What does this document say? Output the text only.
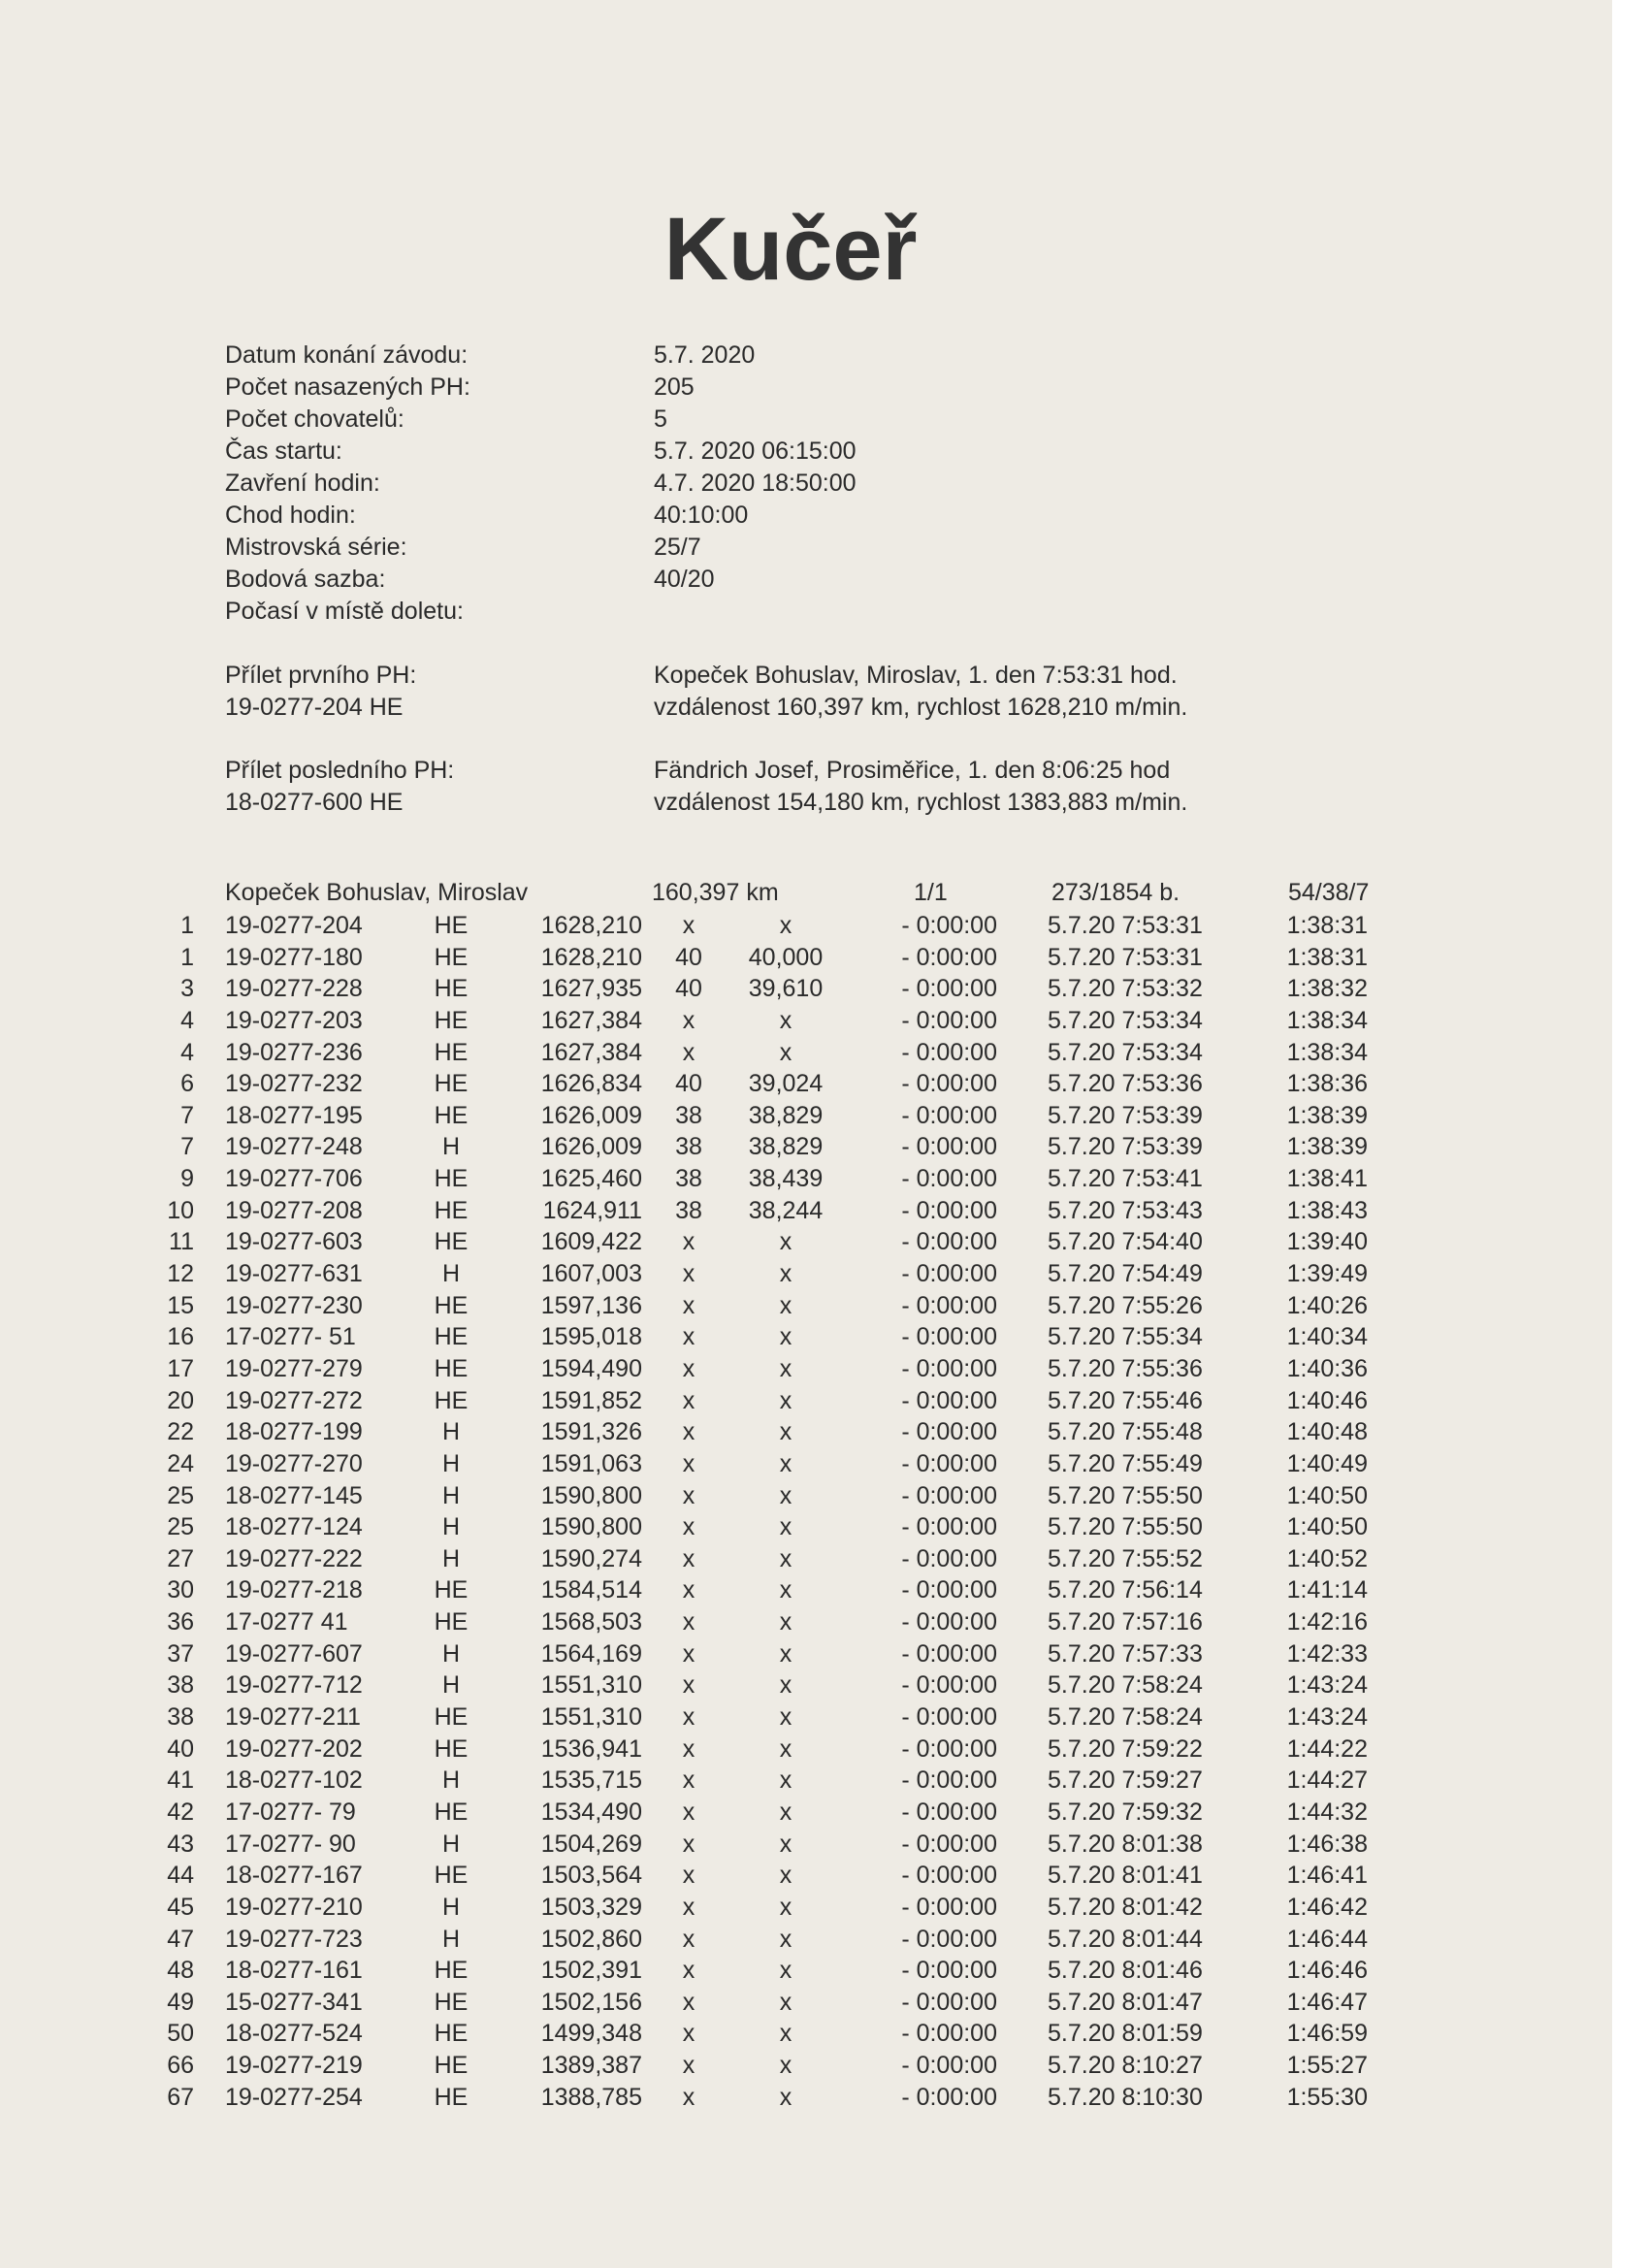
Kučeř
Datum konání závodu:	5.7. 2020
Počet nasazených PH:	205
Počet chovatelů:	5
Čas startu:	5.7. 2020 06:15:00
Zavření hodin:	4.7. 2020 18:50:00
Chod hodin:	40:10:00
Mistrovská série:	25/7
Bodová sazba:	40/20
Počasí v místě doletu:
Přílet prvního PH:
19-0277-204 HE
Kopeček Bohuslav, Miroslav, 1. den 7:53:31 hod.
vzdálenost 160,397 km, rychlost 1628,210 m/min.
Přílet posledního PH:
18-0277-600 HE
Fändrich Josef, Prosiměřice, 1. den 8:06:25 hod
vzdálenost 154,180 km, rychlost 1383,883 m/min.
Kopeček Bohuslav, Miroslav	160,397 km	1/1	273/1854 b.	54/38/7
1 19-0277-204	HE	1628,210	x	x	- 0:00:00 5.7.20 7:53:31	1:38:31
1 19-0277-180	HE	1628,210 40	40,000	- 0:00:00 5.7.20 7:53:31	1:38:31
3 19-0277-228	HE	1627,935 40	39,610	- 0:00:00 5.7.20 7:53:32	1:38:32
4 19-0277-203	HE	1627,384	x	x	- 0:00:00 5.7.20 7:53:34	1:38:34
4 19-0277-236	HE	1627,384	x	x	- 0:00:00 5.7.20 7:53:34	1:38:34
6 19-0277-232	HE	1626,834 40	39,024	- 0:00:00 5.7.20 7:53:36	1:38:36
7 18-0277-195	HE	1626,009 38	38,829	- 0:00:00 5.7.20 7:53:39	1:38:39
7 19-0277-248	H	1626,009 38	38,829	- 0:00:00 5.7.20 7:53:39	1:38:39
9 19-0277-706	HE	1625,460 38	38,439	- 0:00:00 5.7.20 7:53:41	1:38:41
10 19-0277-208	HE	1624,911 38	38,244	- 0:00:00 5.7.20 7:53:43	1:38:43
11 19-0277-603	HE	1609,422	x	x	- 0:00:00 5.7.20 7:54:40	1:39:40
12 19-0277-631	H	1607,003	x	x	- 0:00:00 5.7.20 7:54:49	1:39:49
15 19-0277-230	HE	1597,136	x	x	- 0:00:00 5.7.20 7:55:26	1:40:26
16 17-0277- 51	HE	1595,018	x	x	- 0:00:00 5.7.20 7:55:34	1:40:34
17 19-0277-279	HE	1594,490	x	x	- 0:00:00 5.7.20 7:55:36	1:40:36
20 19-0277-272	HE	1591,852	x	x	- 0:00:00 5.7.20 7:55:46	1:40:46
22 18-0277-199	H	1591,326	x	x	- 0:00:00 5.7.20 7:55:48	1:40:48
24 19-0277-270	H	1591,063	x	x	- 0:00:00 5.7.20 7:55:49	1:40:49
25 18-0277-145	H	1590,800	x	x	- 0:00:00 5.7.20 7:55:50	1:40:50
25 18-0277-124	H	1590,800	x	x	- 0:00:00 5.7.20 7:55:50	1:40:50
27 19-0277-222	H	1590,274	x	x	- 0:00:00 5.7.20 7:55:52	1:40:52
30 19-0277-218	HE	1584,514	x	x	- 0:00:00 5.7.20 7:56:14	1:41:14
36 17-0277 41	HE	1568,503	x	x	- 0:00:00 5.7.20 7:57:16	1:42:16
37 19-0277-607	H	1564,169	x	x	- 0:00:00 5.7.20 7:57:33	1:42:33
38 19-0277-712	H	1551,310	x	x	- 0:00:00 5.7.20 7:58:24	1:43:24
38 19-0277-211	HE	1551,310	x	x	- 0:00:00 5.7.20 7:58:24	1:43:24
40 19-0277-202	HE	1536,941	x	x	- 0:00:00 5.7.20 7:59:22	1:44:22
41 18-0277-102	H	1535,715	x	x	- 0:00:00 5.7.20 7:59:27	1:44:27
42 17-0277- 79	HE	1534,490	x	x	- 0:00:00 5.7.20 7:59:32	1:44:32
43 17-0277- 90	H	1504,269	x	x	- 0:00:00 5.7.20 8:01:38	1:46:38
44 18-0277-167	HE	1503,564	x	x	- 0:00:00 5.7.20 8:01:41	1:46:41
45 19-0277-210	H	1503,329	x	x	- 0:00:00 5.7.20 8:01:42	1:46:42
47 19-0277-723	H	1502,860	x	x	- 0:00:00 5.7.20 8:01:44	1:46:44
48 18-0277-161	HE	1502,391	x	x	- 0:00:00 5.7.20 8:01:46	1:46:46
49 15-0277-341	HE	1502,156	x	x	- 0:00:00 5.7.20 8:01:47	1:46:47
50 18-0277-524	HE	1499,348	x	x	- 0:00:00 5.7.20 8:01:59	1:46:59
66 19-0277-219	HE	1389,387	x	x	- 0:00:00 5.7.20 8:10:27	1:55:27
67 19-0277-254	HE	1388,785	x	x	- 0:00:00 5.7.20 8:10:30	1:55:30
